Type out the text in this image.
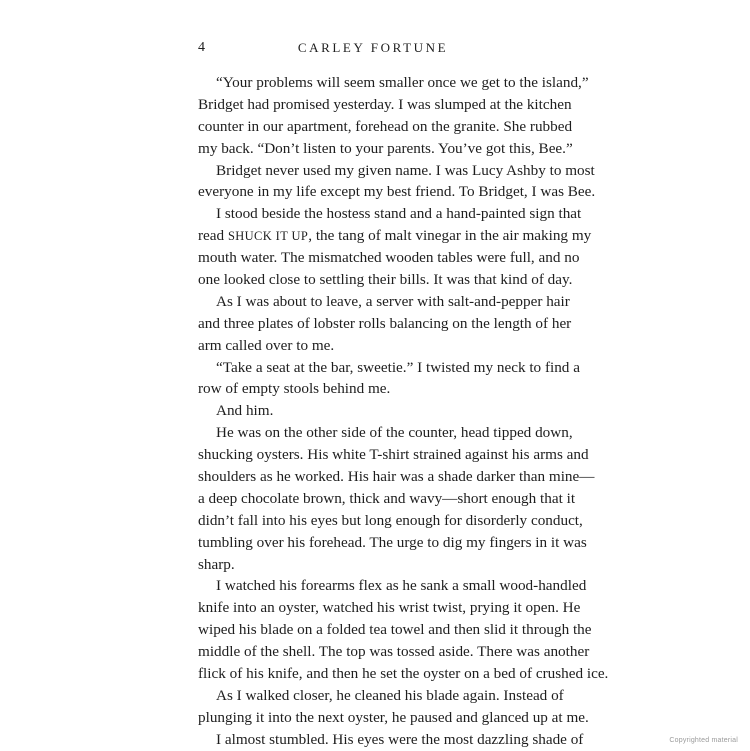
4	CARLEY FORTUNE
“Your problems will seem smaller once we get to the island,”
Bridget had promised yesterday. I was slumped at the kitchen
counter in our apartment, forehead on the granite. She rubbed
my back. “Don’t listen to your parents. You’ve got this, Bee.”
Bridget never used my given name. I was Lucy Ashby to most
everyone in my life except my best friend. To Bridget, I was Bee.
I stood beside the hostess stand and a hand-painted sign that
read SHUCK IT UP, the tang of malt vinegar in the air making my
mouth water. The mismatched wooden tables were full, and no
one looked close to settling their bills. It was that kind of day.
As I was about to leave, a server with salt-and-pepper hair
and three plates of lobster rolls balancing on the length of her
arm called over to me.
“Take a seat at the bar, sweetie.” I twisted my neck to find a
row of empty stools behind me.
And him.
He was on the other side of the counter, head tipped down,
shucking oysters. His white T-shirt strained against his arms and
shoulders as he worked. His hair was a shade darker than mine—
a deep chocolate brown, thick and wavy—short enough that it
didn’t fall into his eyes but long enough for disorderly conduct,
tumbling over his forehead. The urge to dig my fingers in it was
sharp.
I watched his forearms flex as he sank a small wood-handled
knife into an oyster, watched his wrist twist, prying it open. He
wiped his blade on a folded tea towel and then slid it through the
middle of the shell. The top was tossed aside. There was another
flick of his knife, and then he set the oyster on a bed of crushed ice.
As I walked closer, he cleaned his blade again. Instead of
plunging it into the next oyster, he paused and glanced up at me.
I almost stumbled. His eyes were the most dazzling shade of	Copyrighted material
